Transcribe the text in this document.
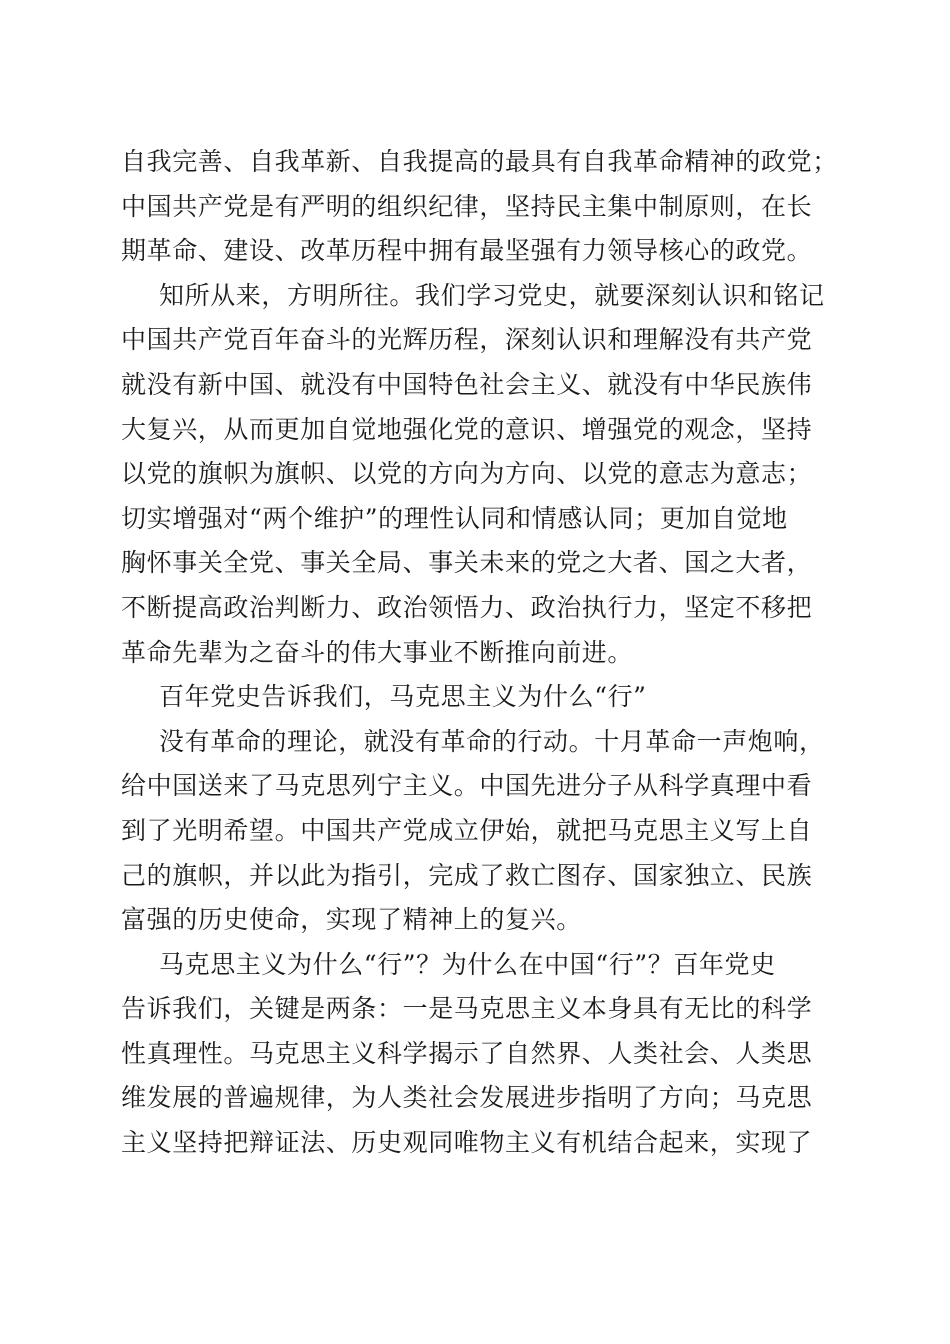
自我完善、自我革新、自我提高的最具有自我革命精神的政党；
中国共产党是有严明的组织纪律，坚持民主集中制原则，在长
期革命、建设、改革历程中拥有最坚强有力领导核心的政党。
知所从来，方明所往。我们学习党史，就要深刻认识和铭记
中国共产党百年奋斗的光辉历程，深刻认识和理解没有共产党
就没有新中国、就没有中国特色社会主义、就没有中华民族伟
大复兴，从而更加自觉地强化党的意识、增强党的观念，坚持
以党的旗帜为旗帜、以党的方向为方向、以党的意志为意志；
切实增强对“两个维护”的理性认同和情感认同；更加自觉地
胸怀事关全党、事关全局、事关未来的党之大者、国之大者，
不断提高政治判断力、政治领悟力、政治执行力，坚定不移把
革命先辈为之奋斗的伟大事业不断推向前进。
百年党史告诉我们，马克思主义为什么“行”
没有革命的理论，就没有革命的行动。十月革命一声炮响，
给中国送来了马克思列宁主义。中国先进分子从科学真理中看
到了光明希望。中国共产党成立伊始，就把马克思主义写上自
己的旗帜，并以此为指引，完成了救亡图存、国家独立、民族
富强的历史使命，实现了精神上的复兴。
马克思主义为什么“行”？为什么在中国“行”？百年党史
告诉我们，关键是两条：一是马克思主义本身具有无比的科学
性真理性。马克思主义科学揭示了自然界、人类社会、人类思
维发展的普遍规律，为人类社会发展进步指明了方向；马克思
主义坚持把辩证法、历史观同唯物主义有机结合起来，实现了
